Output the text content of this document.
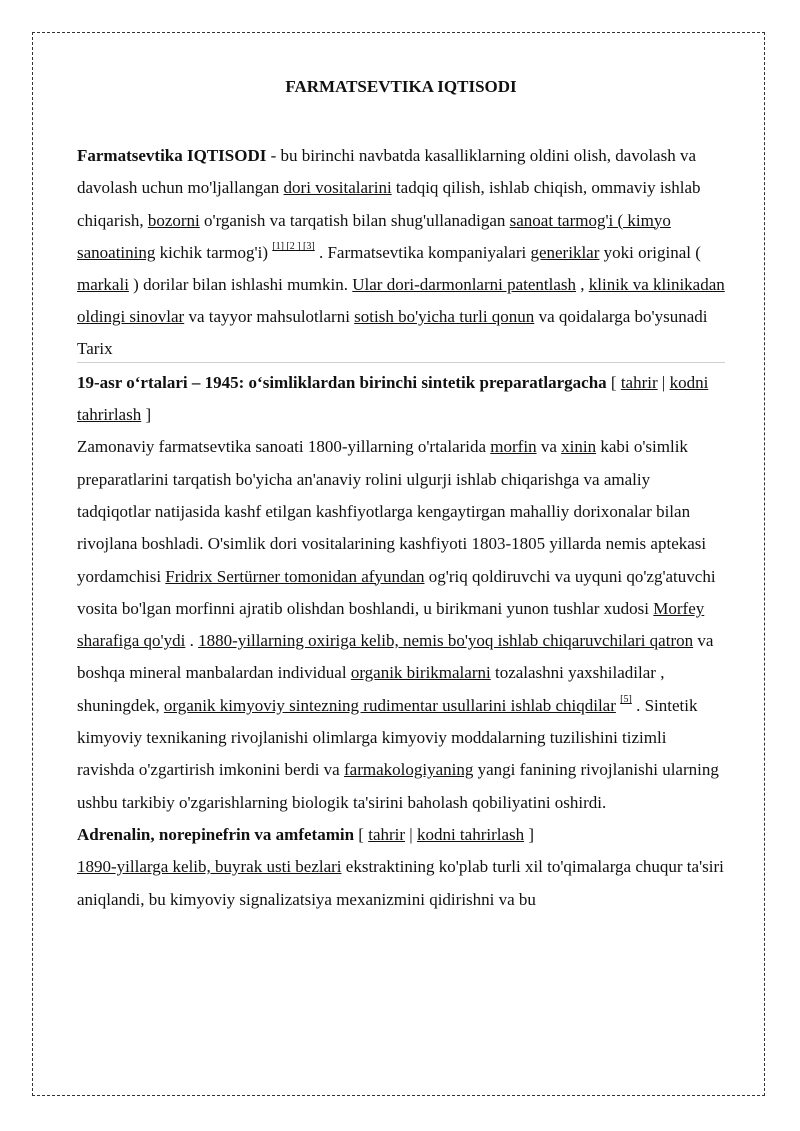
FARMATSEVTIKA IQTISODI

Farmatsevtika IQTISODI - bu birinchi navbatda kasalliklarning oldini olish, davolash va davolash uchun mo'ljallangan dori vositalarini tadqiq qilish, ishlab chiqish, ommaviy ishlab chiqarish, bozorni o'rganish va tarqatish bilan shug'ullanadigan sanoat tarmog'i ( kimyo sanoatining kichik tarmog'i) [1] [2 ] [3] . Farmatsevtika kompaniyalari generiklar yoki original ( markali ) dorilar bilan ishlashi mumkin. Ular dori-darmonlarni patentlash , klinik va klinikadan oldingi sinovlar va tayyor mahsulotlarni sotish bo'yicha turli qonun va qoidalarga bo'ysunadi

Tarix

19-asr o‘rtalari – 1945: o‘simliklardan birinchi sintetik preparatlargacha [ tahrir | kodni tahrirlash ]

Zamonaviy farmatsevtika sanoati 1800-yillarning o'rtalarida morfin va xinin kabi o'simlik preparatlarini tarqatish bo'yicha an'anaviy rolini ulgurji ishlab chiqarishga va amaliy tadqiqotlar natijasida kashf etilgan kashfiyotlarga kengaytirgan mahalliy dorixonalar bilan rivojlana boshladi. O'simlik dori vositalarining kashfiyoti 1803-1805 yillarda nemis aptekasi yordamchisi Fridrix Sertürner tomonidan afyundan og'riq qoldiruvchi va uyquni qo'zg'atuvchi vosita bo'lgan morfinni ajratib olishdan boshlandi, u birikmani yunon tushlar xudosi Morfey sharafiga qo'ydi . 1880-yillarning oxiriga kelib, nemis bo'yoq ishlab chiqaruvchilari qatron va boshqa mineral manbalardan individual organik birikmalarni tozalashni yaxshiladilar , shuningdek, organik kimyoviy sintezning rudimentar usullarini ishlab chiqdilar [5] . Sintetik kimyoviy texnikaning rivojlanishi olimlarga kimyoviy moddalarning tuzilishini tizimli ravishda o'zgartirish imkonini berdi va farmakologiyaning yangi fanining rivojlanishi ularning ushbu tarkibiy o'zgarishlarning biologik ta'sirini baholash qobiliyatini oshirdi.

Adrenalin, norepinefrin va amfetamin [ tahrir | kodni tahrirlash ]

1890-yillarga kelib, buyrak usti bezlari ekstraktining ko'plab turli xil to'qimalarga chuqur ta'siri aniqlandi, bu kimyoviy signalizatsiya mexanizmini qidirishni va bu
